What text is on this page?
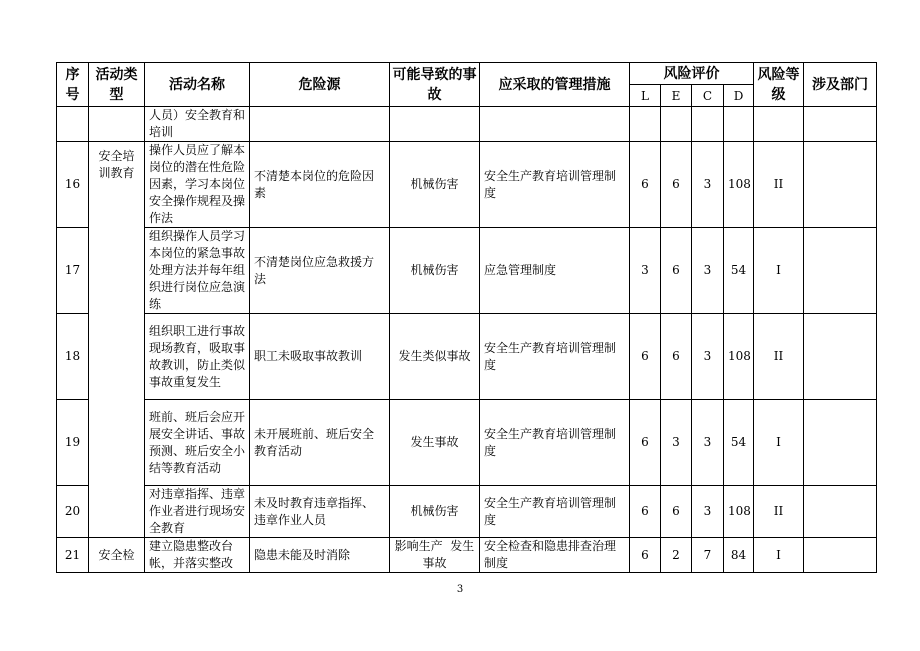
序号	活动类型	活动名称	危险源	可能导致的事故	应采取的管理措施	风险评价				风险等级	涉及部门
						L	E	C	D		
		人员）安全教育和培训									
16	安全培训教育	操作人员应了解本岗位的潜在性危险因素，学习本岗位安全操作规程及操作法	不清楚本岗位的危险因素	机械伤害	安全生产教育培训管理制度	6	6	3	108	II	
17		组织操作人员学习本岗位的紧急事故处理方法并每年组织进行岗位应急演练	不清楚岗位应急救援方法	机械伤害	应急管理制度	3	6	3	54	I	
18		组织职工进行事故现场教育，吸取事故教训，防止类似事故重复发生	职工未吸取事故教训	发生类似事故	安全生产教育培训管理制度	6	6	3	108	II	
19		班前、班后会应开展安全讲话、事故预测、班后安全小结等教育活动	未开展班前、班后安全教育活动	发生事故	安全生产教育培训管理制度	6	3	3	54	I	
20		对违章指挥、违章作业者进行现场安全教育	未及时教育违章指挥、违章作业人员	机械伤害	安全生产教育培训管理制度	6	6	3	108	II	
21	安全检	建立隐患整改台帐，并落实整改	隐患未能及时消除	影响生产  发生事故	安全检查和隐患排查治理制度	6	2	7	84	I	
3
